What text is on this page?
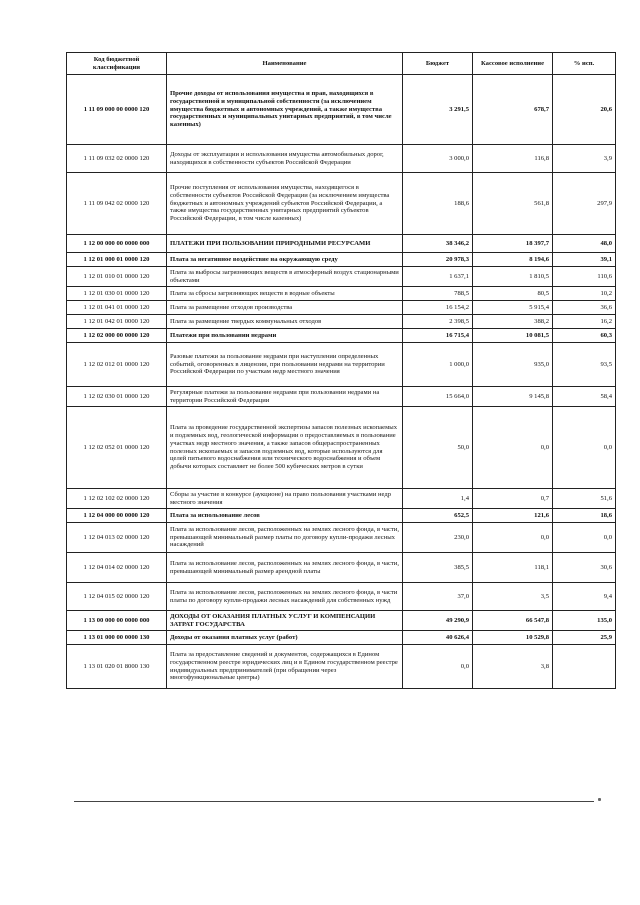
Код бюджетной классификации	Наименование	Бюджет	Кассовое исполнение	% исп.
1 11 09 000 00 0000 120	Прочие доходы от использования имущества и прав, находящихся в государственной и муниципальной собственности (за исключением имущества бюджетных и автономных учреждений, а также имущества государственных и муниципальных унитарных предприятий, в том числе казенных)	3 291,5	678,7	20,6
1 11 09 032 02 0000 120	Доходы от эксплуатации и использования имущества автомобильных дорог, находящихся в собственности субъектов Российской Федерации	3 000,0	116,8	3,9
1 11 09 042 02 0000 120	Прочие поступления от использования имущества, находящегося в собственности субъектов Российской Федерации (за исключением имущества бюджетных и автономных учреждений субъектов Российской Федерации, а также имущества государственных унитарных предприятий субъектов Российской Федерации, в том числе казенных)	188,6	561,8	297,9
1 12 00 000 00 0000 000	ПЛАТЕЖИ ПРИ ПОЛЬЗОВАНИИ ПРИРОДНЫМИ РЕСУРСАМИ	38 346,2	18 397,7	48,0
1 12 01 000 01 0000 120	Плата за негативное воздействие на окружающую среду	20 978,3	8 194,6	39,1
1 12 01 010 01 0000 120	Плата за выбросы загрязняющих веществ в атмосферный воздух стационарными объектами	1 637,1	1 810,5	110,6
1 12 01 030 01 0000 120	Плата за сбросы загрязняющих веществ в водные объекты	788,5	80,5	10,2
1 12 01 041 01 0000 120	Плата за размещение отходов производства	16 154,2	5 915,4	36,6
1 12 01 042 01 0000 120	Плата за размещение твердых коммунальных отходов	2 398,5	388,2	16,2
1 12 02 000 00 0000 120	Платежи при пользовании недрами	16 715,4	10 081,5	60,3
1 12 02 012 01 0000 120	Разовые платежи за пользование недрами при наступлении определенных событий, оговоренных в лицензии, при пользовании недрами на территории Российской Федерации по участкам недр местного значения	1 000,0	935,0	93,5
1 12 02 030 01 0000 120	Регулярные платежи за пользование недрами при пользовании недрами на территории Российской Федерации	15 664,0	9 145,8	58,4
1 12 02 052 01 0000 120	Плата за проведение государственной экспертизы запасов полезных ископаемых и подземных вод, геологической информации о предоставляемых в пользование участках недр местного значения, а также запасов общераспространенных полезных ископаемых и запасов подземных вод, которые используются для целей питьевого водоснабжения или технического водоснабжения и объем добычи которых составляет не более 500 кубических метров в сутки	50,0	0,0	0,0
1 12 02 102 02 0000 120	Сборы за участие в конкурсе (аукционе) на право пользования участками недр местного значения	1,4	0,7	51,6
1 12 04 000 00 0000 120	Плата за использование лесов	652,5	121,6	18,6
1 12 04 013 02 0000 120	Плата за использование лесов, расположенных на землях лесного фонда, в части, превышающей минимальный размер платы по договору купли-продажи лесных насаждений	230,0	0,0	0,0
1 12 04 014 02 0000 120	Плата за использование лесов, расположенных на землях лесного фонда, в части, превышающей минимальный размер арендной платы	385,5	118,1	30,6
1 12 04 015 02 0000 120	Плата за использование лесов, расположенных на землях лесного фонда, в части платы по договору купли-продажи лесных насаждений для собственных нужд	37,0	3,5	9,4
1 13 00 000 00 0000 000	ДОХОДЫ ОТ ОКАЗАНИЯ ПЛАТНЫХ УСЛУГ И КОМПЕНСАЦИИ ЗАТРАТ ГОСУДАРСТВА	49 290,9	66 547,8	135,0
1 13 01 000 00 0000 130	Доходы от оказания платных услуг (работ)	40 626,4	10 529,8	25,9
1 13 01 020 01 8000 130	Плата за предоставление сведений и документов, содержащихся в Едином государственном реестре юридических лиц и в Едином государственном реестре индивидуальных предпринимателей (при обращении через многофункциональные центры)	0,0	3,8	
